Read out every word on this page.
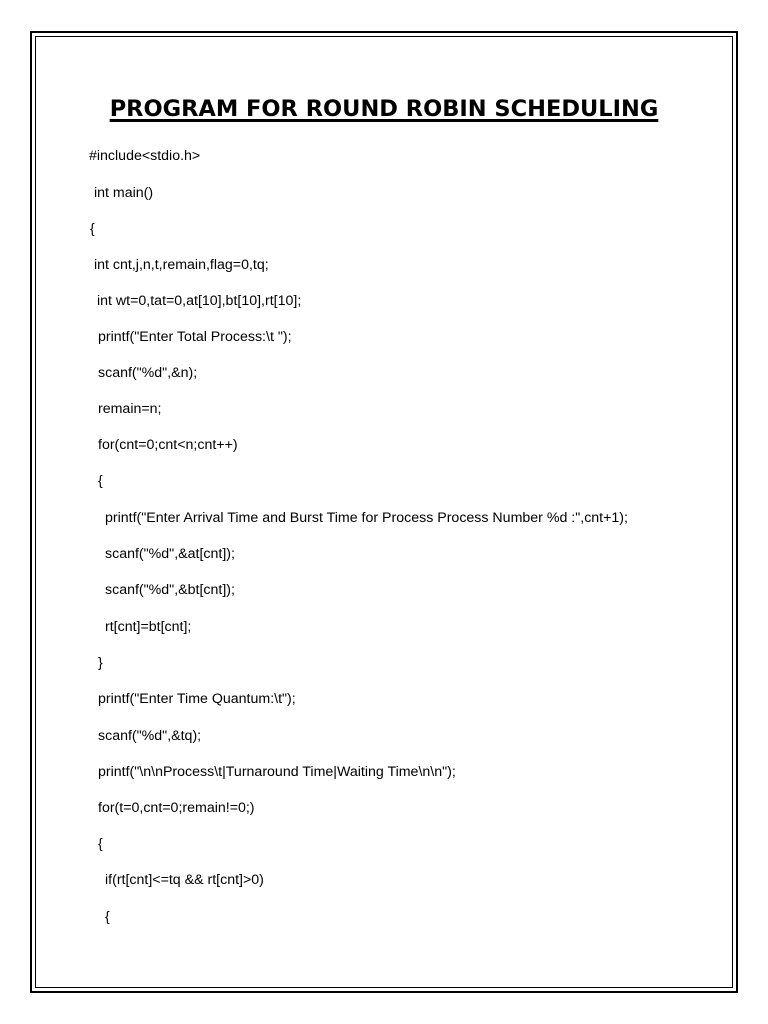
PROGRAM FOR ROUND ROBIN SCHEDULING
#include<stdio.h>
int main()
{
int cnt,j,n,t,remain,flag=0,tq;
int wt=0,tat=0,at[10],bt[10],rt[10];
printf("Enter Total Process:\t ");
scanf("%d",&n);
remain=n;
for(cnt=0;cnt<n;cnt++)
{
printf("Enter Arrival Time and Burst Time for Process Process Number %d :",cnt+1);
scanf("%d",&at[cnt]);
scanf("%d",&bt[cnt]);
rt[cnt]=bt[cnt];
}
printf("Enter Time Quantum:\t");
scanf("%d",&tq);
printf("\n\nProcess\t|Turnaround Time|Waiting Time\n\n");
for(t=0,cnt=0;remain!=0;)
{
if(rt[cnt]<=tq && rt[cnt]>0)
{
